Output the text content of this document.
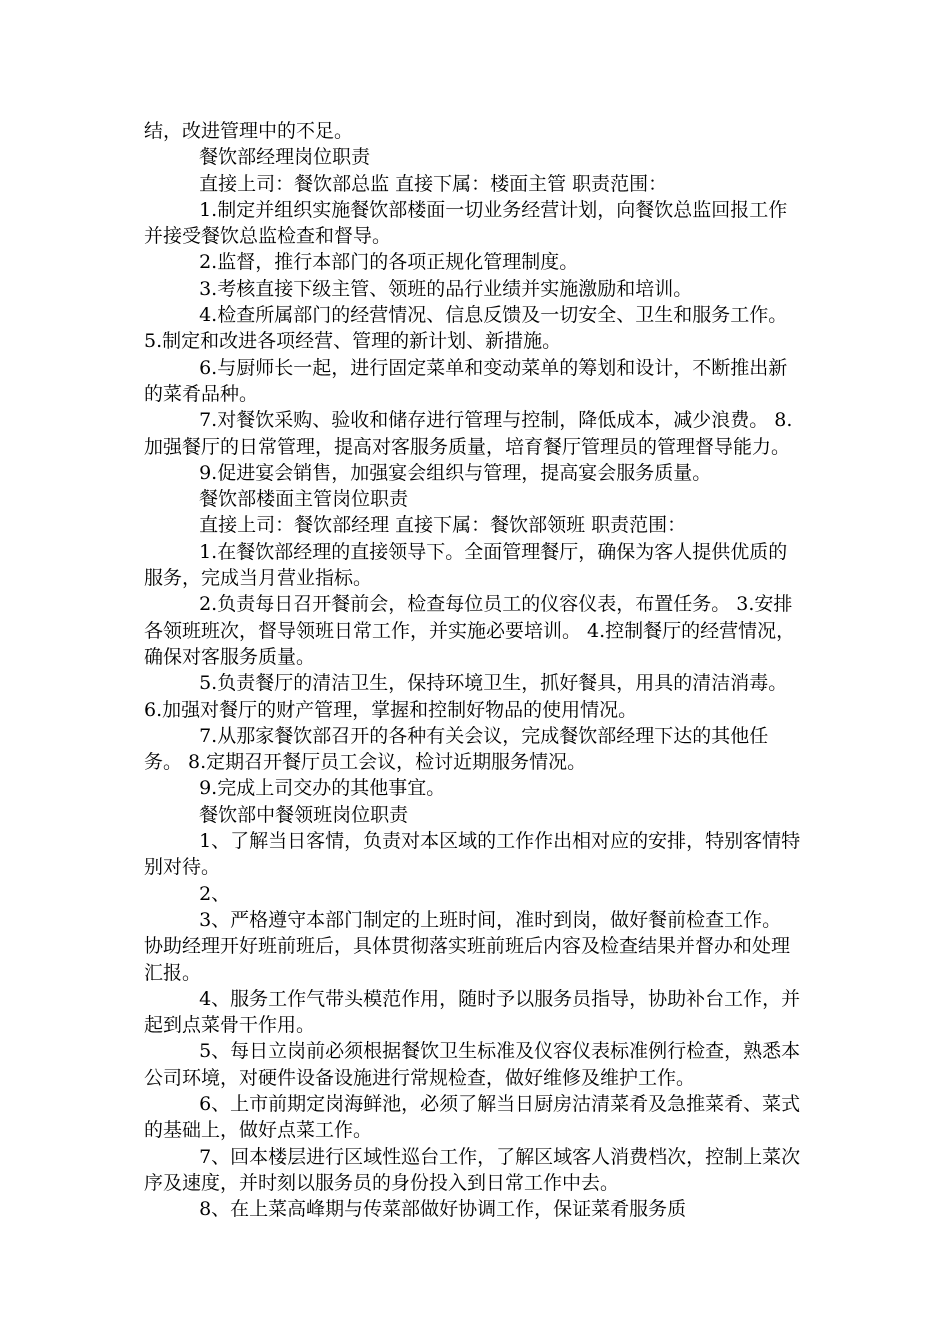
结，改进管理中的不足。

餐饮部经理岗位职责

直接上司：餐饮部总监 直接下属：楼面主管 职责范围：

1.制定并组织实施餐饮部楼面一切业务经营计划，向餐饮总监回报工作并接受餐饮总监检查和督导。

2.监督，推行本部门的各项正规化管理制度。

3.考核直接下级主管、领班的品行业绩并实施激励和培训。

4.检查所属部门的经营情况、信息反馈及一切安全、卫生和服务工作。 5.制定和改进各项经营、管理的新计划、新措施。

6.与厨师长一起，进行固定菜单和变动菜单的筹划和设计，不断推出新的菜肴品种。

7.对餐饮采购、验收和储存进行管理与控制，降低成本，减少浪费。 8.加强餐厅的日常管理，提高对客服务质量，培育餐厅管理员的管理督导能力。

9.促进宴会销售，加强宴会组织与管理，提高宴会服务质量。

餐饮部楼面主管岗位职责

直接上司：餐饮部经理 直接下属：餐饮部领班 职责范围：

1.在餐饮部经理的直接领导下。全面管理餐厅，确保为客人提供优质的服务，完成当月营业指标。

2.负责每日召开餐前会，检查每位员工的仪容仪表，布置任务。 3.安排各领班班次，督导领班日常工作，并实施必要培训。 4.控制餐厅的经营情况，确保对客服务质量。

5.负责餐厅的清洁卫生，保持环境卫生，抓好餐具，用具的清洁消毒。 6.加强对餐厅的财产管理，掌握和控制好物品的使用情况。

7.从那家餐饮部召开的各种有关会议，完成餐饮部经理下达的其他任务。 8.定期召开餐厅员工会议，检讨近期服务情况。

9.完成上司交办的其他事宜。

餐饮部中餐领班岗位职责

1、了解当日客情，负责对本区域的工作作出相对应的安排，特别客情特别对待。

2、

3、严格遵守本部门制定的上班时间，准时到岗，做好餐前检查工作。 协助经理开好班前班后，具体贯彻落实班前班后内容及检查结果并督办和处理汇报。

4、服务工作气带头模范作用，随时予以服务员指导，协助补台工作，并起到点菜骨干作用。

5、每日立岗前必须根据餐饮卫生标准及仪容仪表标准例行检查，熟悉本公司环境，对硬件设备设施进行常规检查，做好维修及维护工作。

6、上市前期定岗海鲜池，必须了解当日厨房沽清菜肴及急推菜肴、菜式的基础上，做好点菜工作。

7、回本楼层进行区域性巡台工作，了解区域客人消费档次，控制上菜次序及速度，并时刻以服务员的身份投入到日常工作中去。

8、在上菜高峰期与传菜部做好协调工作，保证菜肴服务质
